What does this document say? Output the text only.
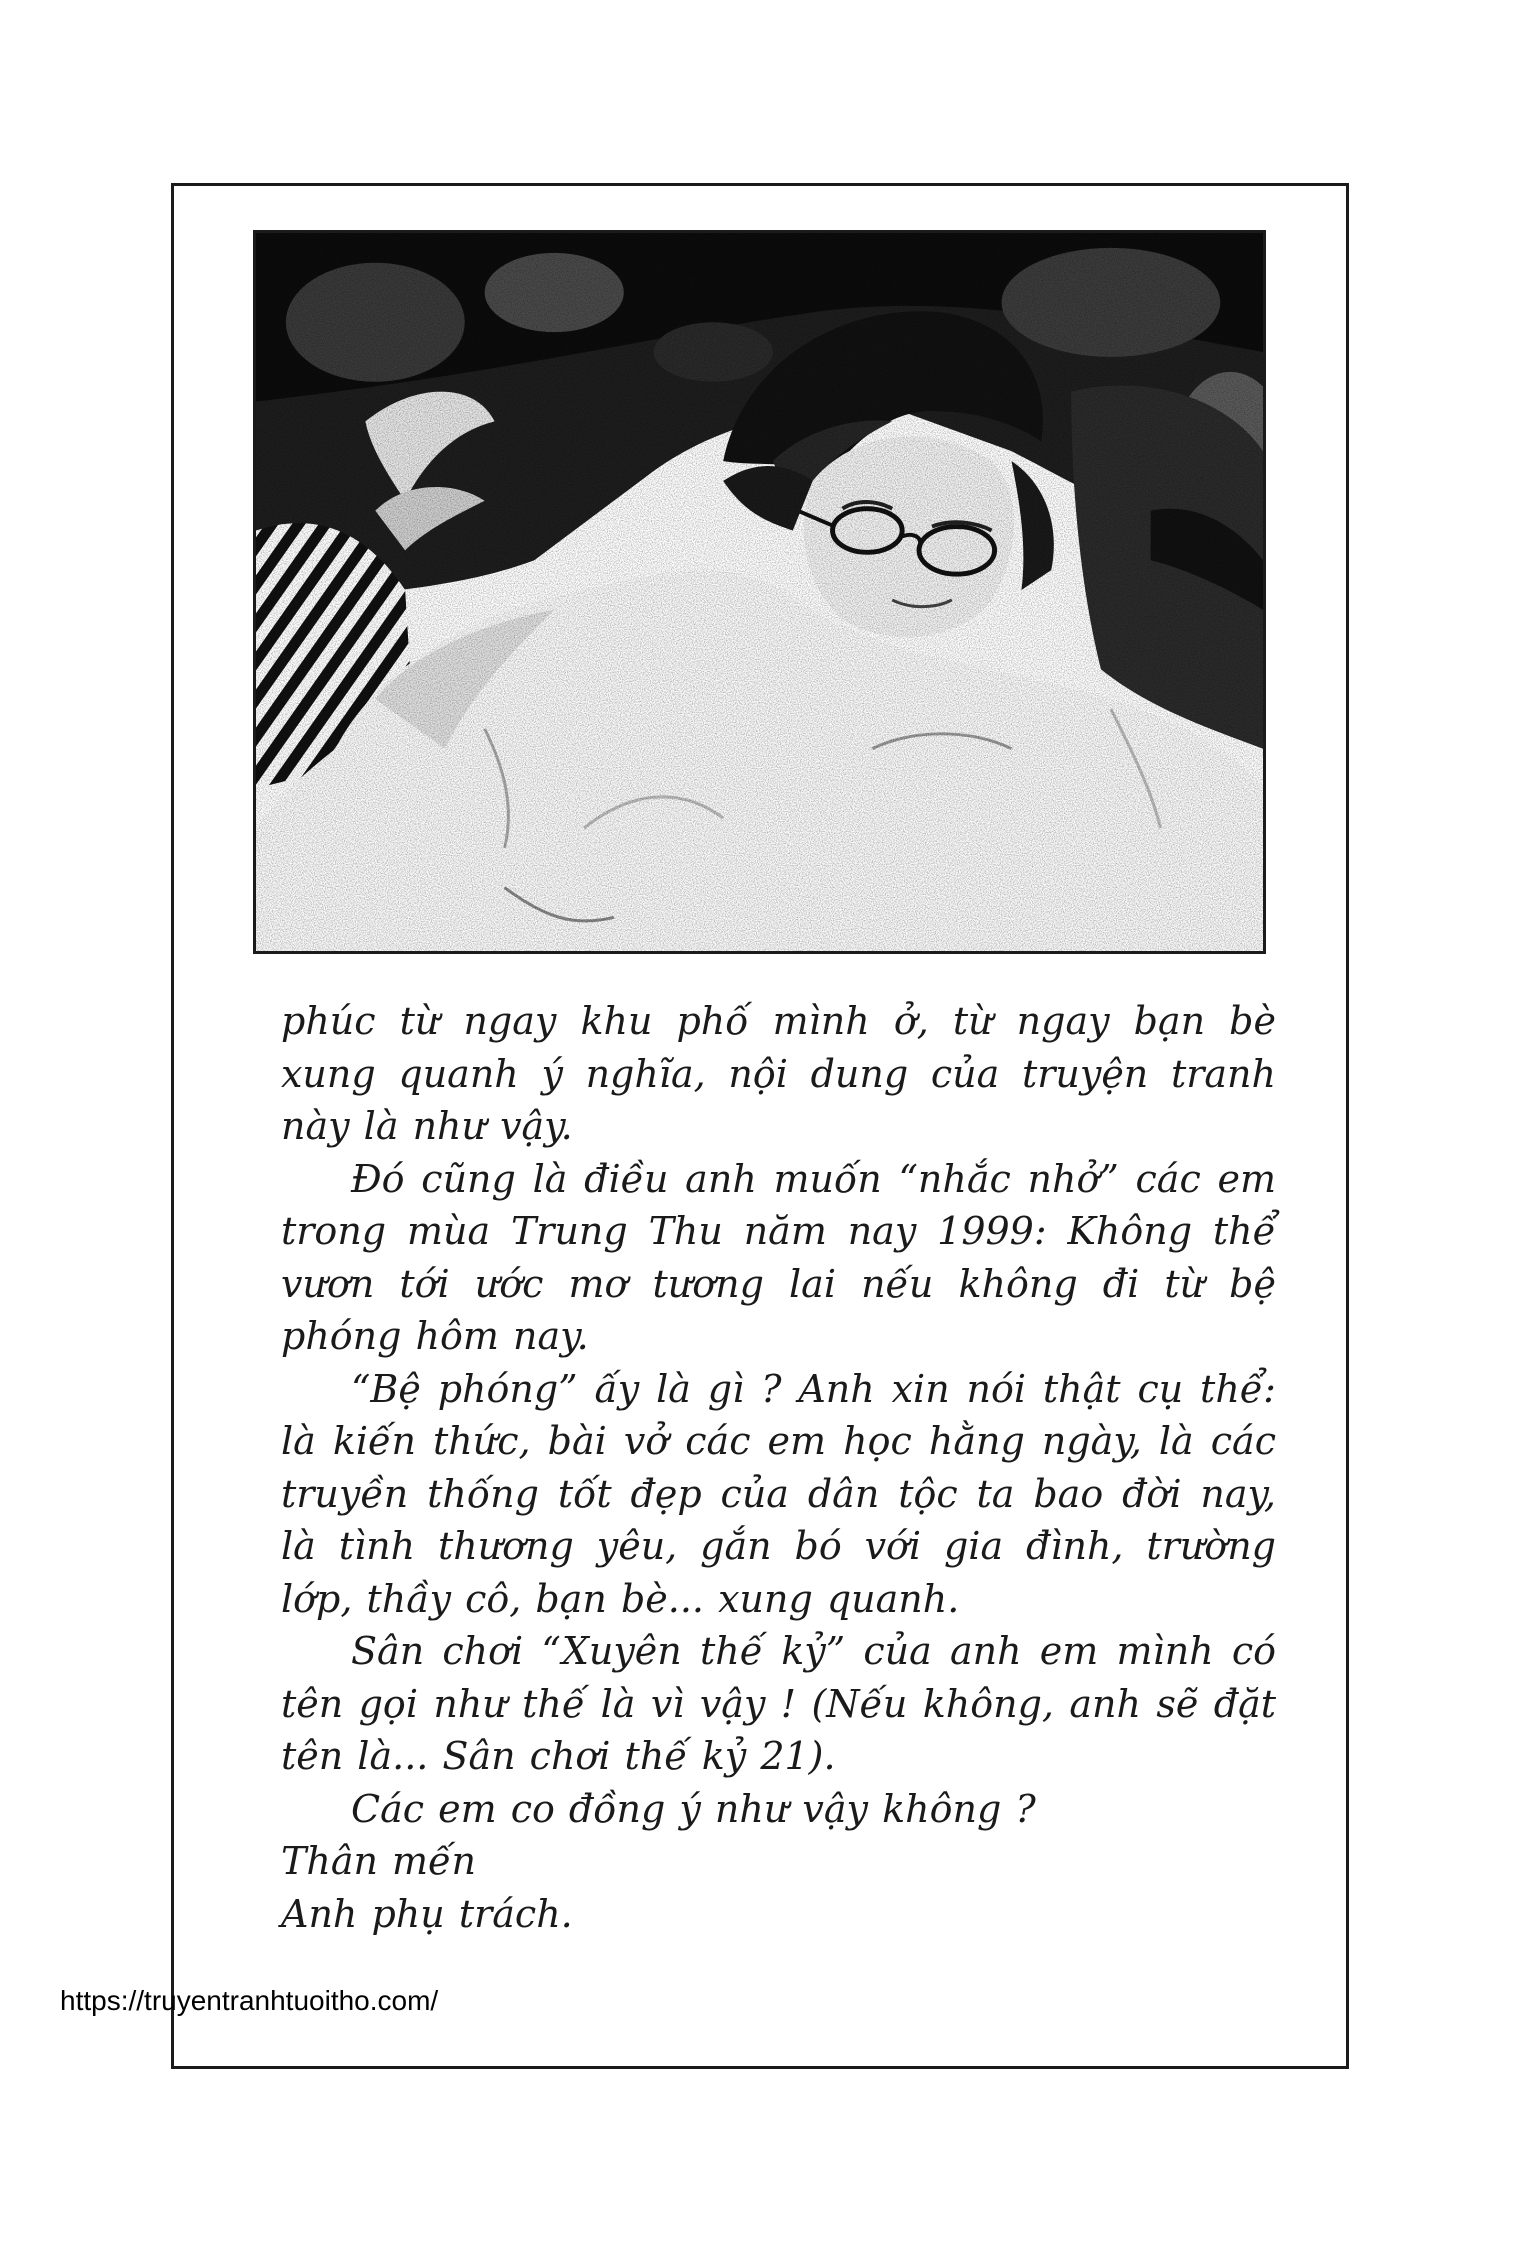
phúc từ ngay khu phố mình ở, từ ngay bạn bè xung quanh ý nghĩa, nội dung của truyện tranh này là như vậy.

Đó cũng là điều anh muốn “nhắc nhở” các em trong mùa Trung Thu năm nay 1999: Không thể vươn tới ước mơ tương lai nếu không đi từ bệ phóng hôm nay.

“Bệ phóng” ấy là gì ? Anh xin nói thật cụ thể: là kiến thức, bài vở các em học hằng ngày, là các truyền thống tốt đẹp của dân tộc ta bao đời nay, là tình thương yêu, gắn bó với gia đình, trường lớp, thầy cô, bạn bè... xung quanh.

Sân chơi “Xuyên thế kỷ” của anh em mình có tên gọi như thế là vì vậy ! (Nếu không, anh sẽ đặt tên là... Sân chơi thế kỷ 21).

Các em co đồng ý như vậy không ?

Thân mến

Anh phụ trách.

https://truyentranhtuoitho.com/
